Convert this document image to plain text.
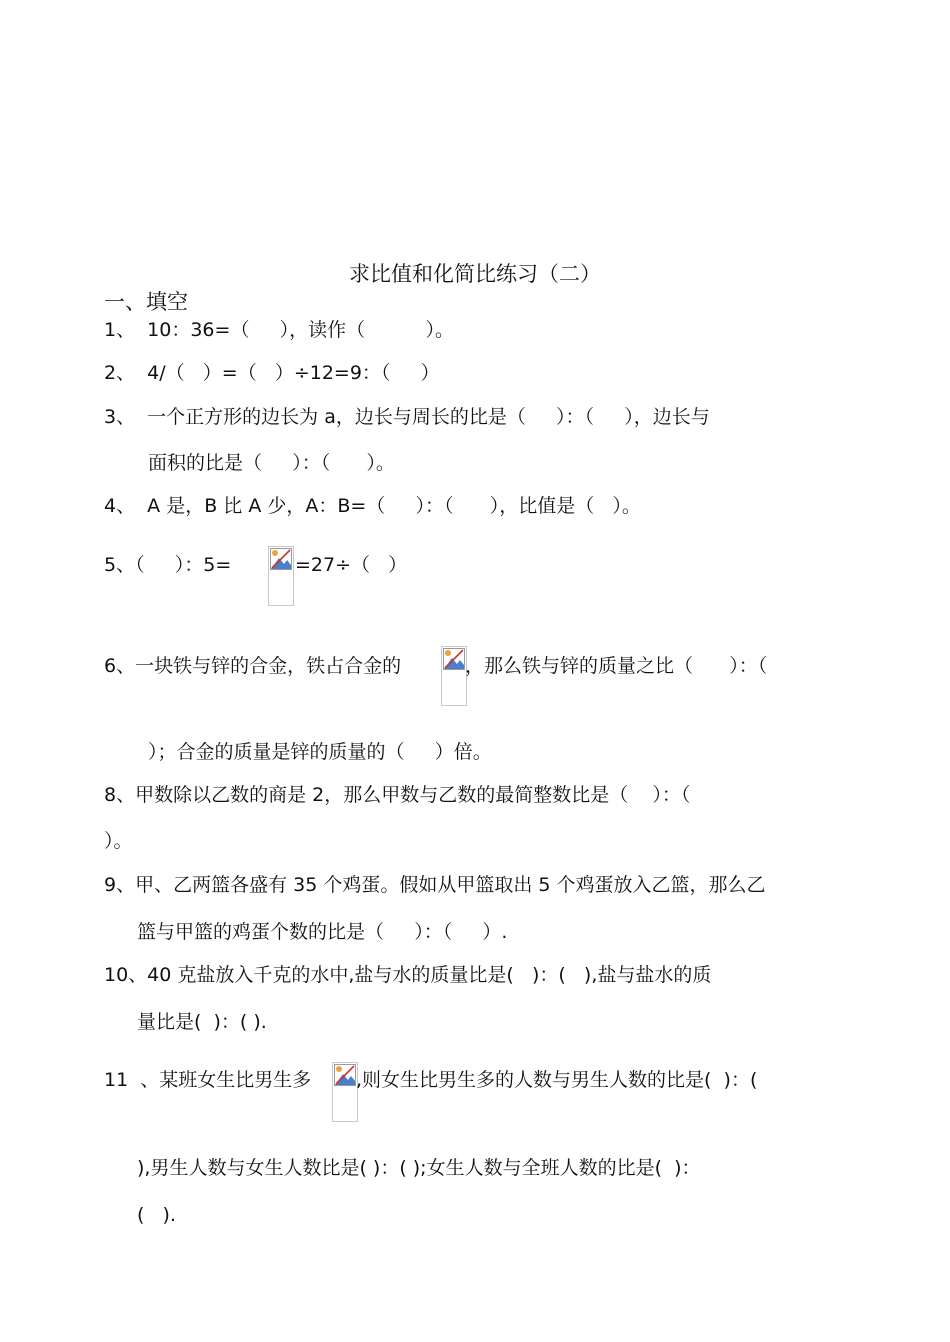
求比值和化简比练习（二）
一、填空
1、  10：36=（     ），读作（          ）。
2、  4/（   ）=（   ）÷12=9：（     ）
3、  一个正方形的边长为 a，边长与周长的比是（     ）：（     ），边长与
面积的比是（     ）：（      ）。
4、  A 是，B 比 A 少，A：B=（     ）：（      ），比值是（   ）。
5、（     ）：5=	=27÷（   ）
6、一块铁与锌的合金，铁占合金的	，那么铁与锌的质量之比（      ）：（
）；合金的质量是锌的质量的（     ）倍。
8、甲数除以乙数的商是 2，那么甲数与乙数的最简整数比是（    ）：（
）。
9、甲、乙两篮各盛有 35 个鸡蛋。假如从甲篮取出 5 个鸡蛋放入乙篮，那么乙
篮与甲篮的鸡蛋个数的比是（     ）：（     ）.
10、40 克盐放入千克的水中,盐与水的质量比是(   )：(   ),盐与盐水的质
量比是(  )：( ).
11  、某班女生比男生多 ,则女生比男生多的人数与男生人数的比是(  )：(
),男生人数与女生人数比是( )：( );女生人数与全班人数的比是(  )：
(   ).
